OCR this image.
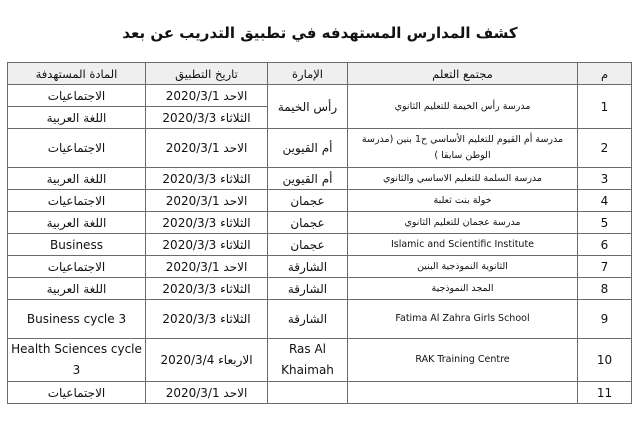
كشف المدارس المستهدفه في تطبيق التدريب عن بعد
م	مجتمع التعلم	الإمارة	تاريخ التطبيق	المادة المستهدفة
1	مدرسة رأس الخيمة للتعليم الثانوي	رأس الخيمة	الاحد 2020/3/1	الاجتماعيات
			الثلاثاء 2020/3/3	اللغة العربية
2	مدرسة أم القيوم للتعليم الأساسي ح1 بنين (مدرسة الوطن سابقا )	أم القيوين	الاحد 2020/3/1	الاجتماعيات
3	مدرسة السلمة للتعليم الاساسي والثانوي	أم القيوين	الثلاثاء 2020/3/3	اللغة العربية
4	خولة بنت ثعلبة	عجمان	الاحد 2020/3/1	الاجتماعيات
5	مدرسة عجمان للتعليم الثانوي	عجمان	الثلاثاء 2020/3/3	اللغة العربية
6	Islamic and Scientific Institute	عجمان	الثلاثاء 2020/3/3	Business
7	الثانوية النموذجية البنين	الشارقة	الاحد 2020/3/1	الاجتماعيات
8	المجد النموذجية	الشارقة	الثلاثاء 2020/3/3	اللغة العربية
9	Fatima Al Zahra Girls School	الشارقة	الثلاثاء 2020/3/3	Business cycle 3
10	RAK Training Centre	Ras Al Khaimah	الاربعاء 2020/3/4	Health Sciences cycle 3
11			الاحد 2020/3/1	الاجتماعيات
